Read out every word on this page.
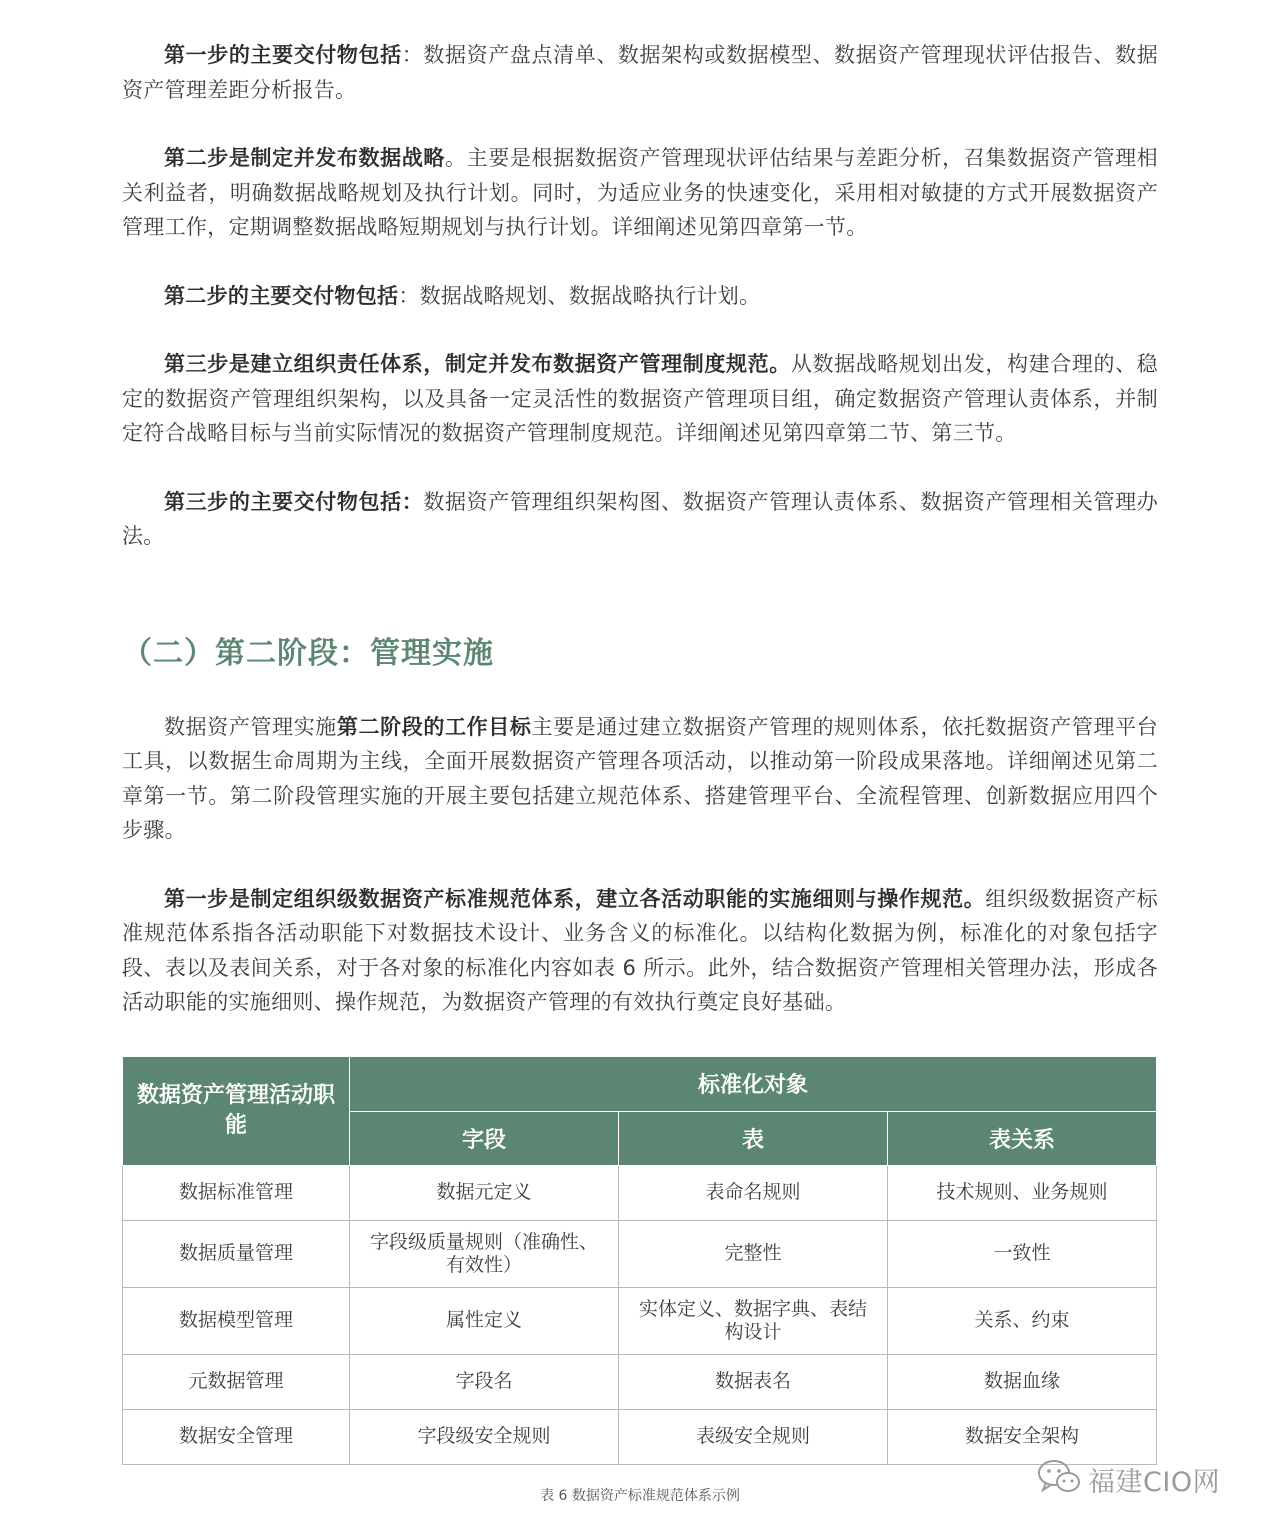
第一步的主要交付物包括：数据资产盘点清单、数据架构或数据模型、数据资产管理现状评估报告、数据资产管理差距分析报告。

第二步是制定并发布数据战略。主要是根据数据资产管理现状评估结果与差距分析，召集数据资产管理相关利益者，明确数据战略规划及执行计划。同时，为适应业务的快速变化，采用相对敏捷的方式开展数据资产管理工作，定期调整数据战略短期规划与执行计划。详细阐述见第四章第一节。

第二步的主要交付物包括：数据战略规划、数据战略执行计划。

第三步是建立组织责任体系，制定并发布数据资产管理制度规范。从数据战略规划出发，构建合理的、稳定的数据资产管理组织架构，以及具备一定灵活性的数据资产管理项目组，确定数据资产管理认责体系，并制定符合战略目标与当前实际情况的数据资产管理制度规范。详细阐述见第四章第二节、第三节。

第三步的主要交付物包括：数据资产管理组织架构图、数据资产管理认责体系、数据资产管理相关管理办法。

（二）第二阶段：管理实施

数据资产管理实施第二阶段的工作目标主要是通过建立数据资产管理的规则体系，依托数据资产管理平台工具，以数据生命周期为主线，全面开展数据资产管理各项活动，以推动第一阶段成果落地。详细阐述见第二章第一节。第二阶段管理实施的开展主要包括建立规范体系、搭建管理平台、全流程管理、创新数据应用四个步骤。

第一步是制定组织级数据资产标准规范体系，建立各活动职能的实施细则与操作规范。组织级数据资产标准规范体系指各活动职能下对数据技术设计、业务含义的标准化。以结构化数据为例，标准化的对象包括字段、表以及表间关系，对于各对象的标准化内容如表 6 所示。此外，结合数据资产管理相关管理办法，形成各活动职能的实施细则、操作规范，为数据资产管理的有效执行奠定良好基础。

数据资产管理活动职能	标准化对象		
	字段	表	表关系
数据标准管理	数据元定义	表命名规则	技术规则、业务规则
数据质量管理	字段级质量规则（准确性、有效性）	完整性	一致性
数据模型管理	属性定义	实体定义、数据字典、表结构设计	关系、约束
元数据管理	字段名	数据表名	数据血缘
数据安全管理	字段级安全规则	表级安全规则	数据安全架构

表 6 数据资产标准规范体系示例	福建CIO网
